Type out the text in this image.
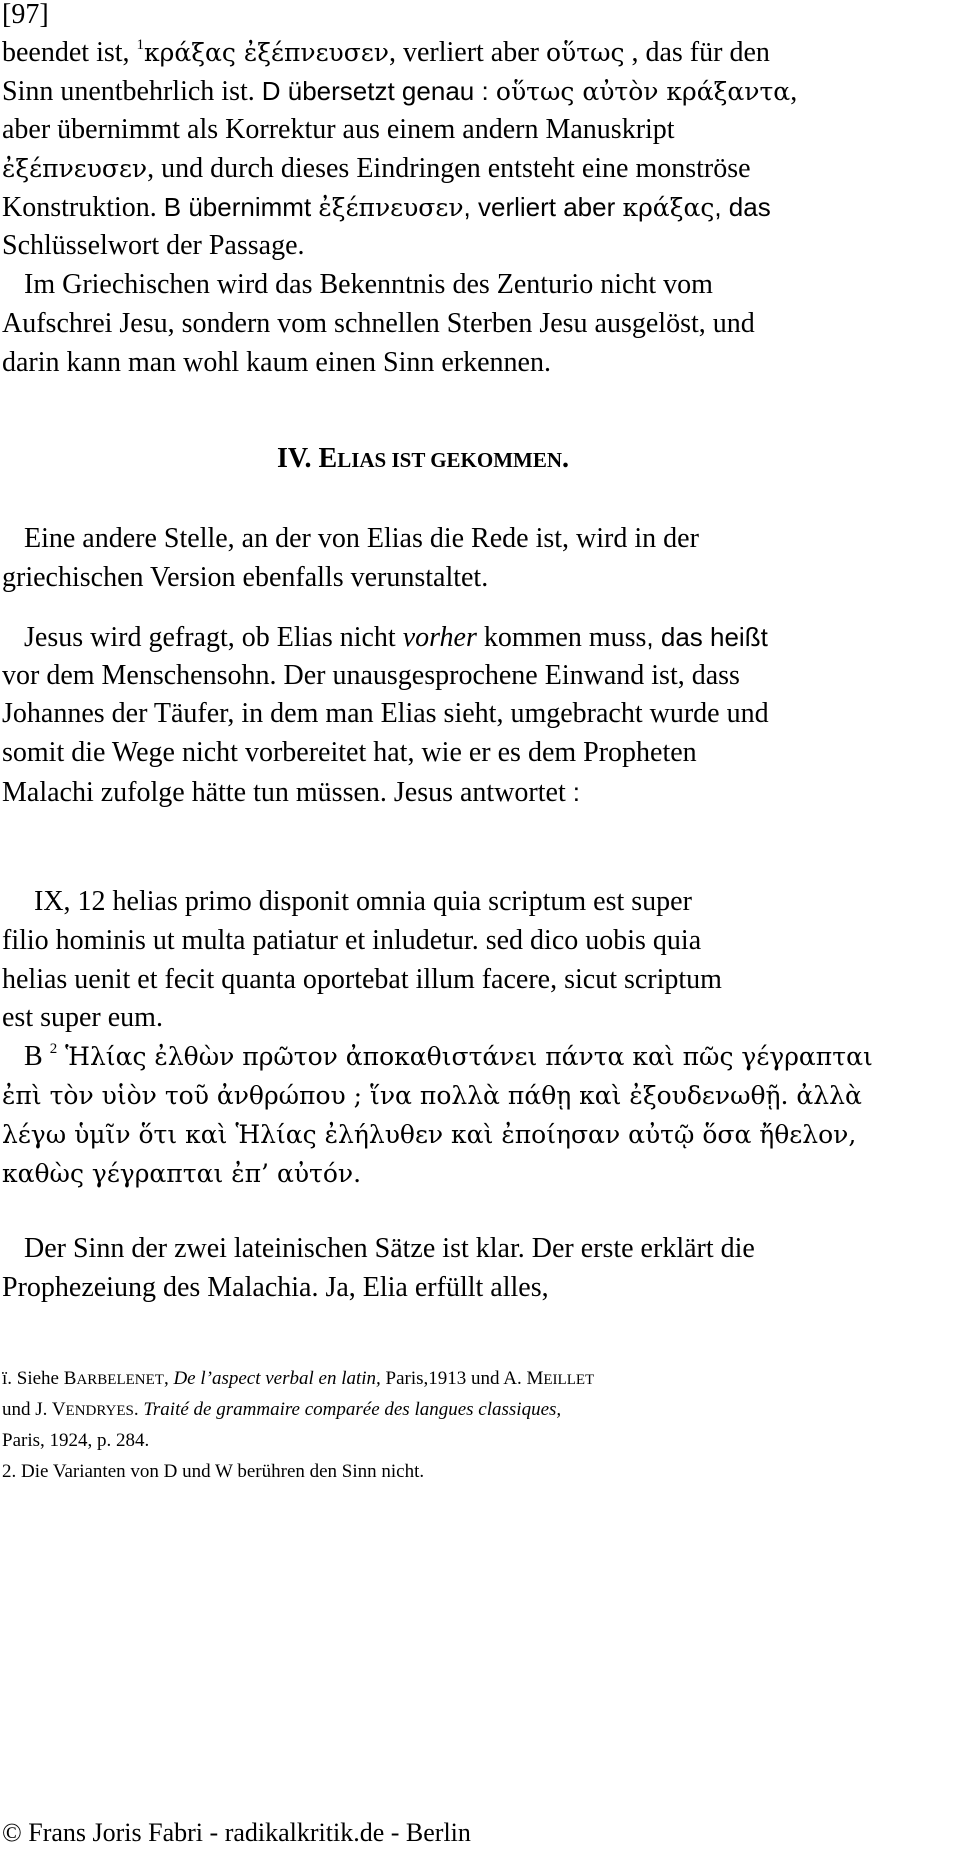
[97]
beendet ist, $^1$κράξας ἐξέπνευσεν, verliert aber οὕτως , das für den
Sinn unentbehrlich ist. D übersetzt genau : οὕτως αὐτὸν κράξαντα,
aber übernimmt als Korrektur aus einem andern Manuskript
ἐξέπνευσεν, und durch dieses Eindringen entsteht eine monströse
Konstruktion. B übernimmt ἐξέπνευσεν, verliert aber κράξας, das
Schlüsselwort der Passage.
Im Griechischen wird das Bekenntnis des Zenturio nicht vom
Aufschrei Jesu, sondern vom schnellen Sterben Jesu ausgelöst, und
darin kann man wohl kaum einen Sinn erkennen.
IV. ELIAS IST GEKOMMEN.
Eine andere Stelle, an der von Elias die Rede ist, wird in der
griechischen Version ebenfalls verunstaltet.
Jesus wird gefragt, ob Elias nicht vorher kommen muss, das heißt
vor dem Menschensohn. Der unausgesprochene Einwand ist, dass
Johannes der Täufer, in dem man Elias sieht, umgebracht wurde und
somit die Wege nicht vorbereitet hat, wie er es dem Propheten
Malachi zufolge hätte tun müssen. Jesus antwortet :
IX, 12 helias primo disponit omnia quia scriptum est super
filio hominis ut multa patiatur et inludetur. sed dico uobis quia
helias uenit et fecit quanta oportebat illum facere, sicut scriptum
est super eum.
B $^2$ Ἡλίας ἐλθὼν πρῶτον ἀποκαθιστάνει πάντα καὶ πῶς γέγραπται
ἐπὶ τὸν υἱὸν τοῦ ἀνθρώπου ; ἵνα πολλὰ πάθῃ καὶ ἐξουδενωθῇ. ἀλλὰ
λέγω ὑμῖν ὅτι καὶ Ἡλίας ἐλήλυθεν καὶ ἐποίησαν αὐτῷ ὅσα ἤθελον,
καθὼς γέγραπται ἐπ’ αὐτόν.
Der Sinn der zwei lateinischen Sätze ist klar. Der erste erklärt die
Prophezeiung des Malachia. Ja, Elia erfüllt alles,
ï. Siehe BARBELENET, De l’aspect verbal en latin, Paris,1913 und A. MEILLET
und J. VENDRYES. Traité de grammaire comparée des langues classiques,
Paris, 1924, p. 284.
2. Die Varianten von D und W berühren den Sinn nicht.
© Frans Joris Fabri - radikalkritik.de - Berlin
